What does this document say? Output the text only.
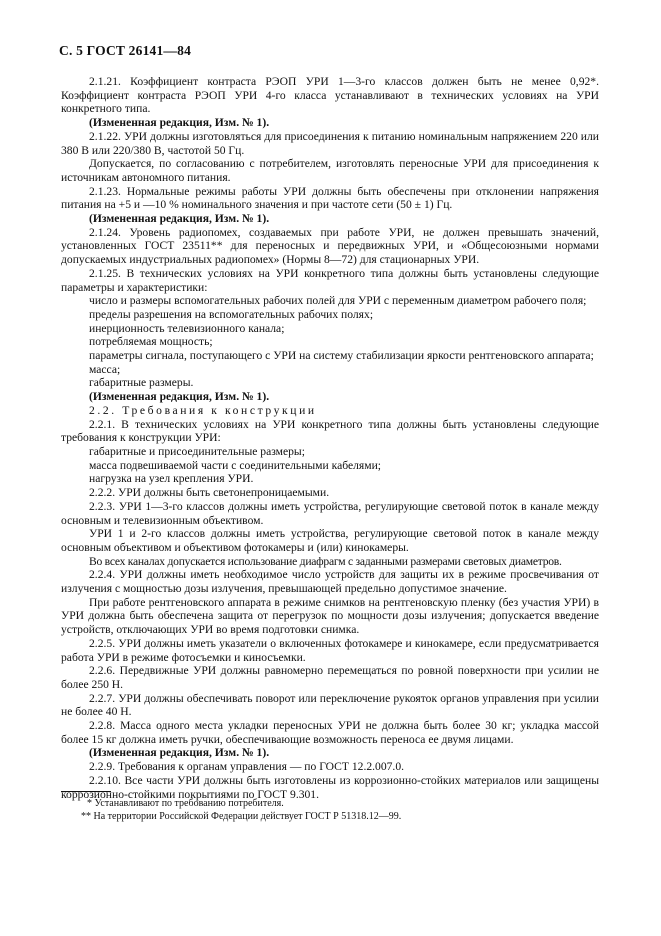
С. 5 ГОСТ 26141—84

2.1.21. Коэффициент контраста РЭОП УРИ 1—3-го классов должен быть не менее 0,92*. Коэффициент контраста РЭОП УРИ 4-го класса устанавливают в технических условиях на УРИ конкретного типа.

(Измененная редакция, Изм. № 1).

2.1.22. УРИ должны изготовляться для присоединения к питанию номинальным напряжением 220 или 380 В или 220/380 В, частотой 50 Гц.

Допускается, по согласованию с потребителем, изготовлять переносные УРИ для присоединения к источникам автономного питания.

2.1.23. Нормальные режимы работы УРИ должны быть обеспечены при отклонении напряжения питания на +5 и —10 % номинального значения и при частоте сети (50 ± 1) Гц.

(Измененная редакция, Изм. № 1).

2.1.24. Уровень радиопомех, создаваемых при работе УРИ, не должен превышать значений, установленных ГОСТ 23511** для переносных и передвижных УРИ, и «Общесоюзными нормами допускаемых индустриальных радиопомех» (Нормы 8—72) для стационарных УРИ.

2.1.25. В технических условиях на УРИ конкретного типа должны быть установлены следующие параметры и характеристики:

число и размеры вспомогательных рабочих полей для УРИ с переменным диаметром рабочего поля;

пределы разрешения на вспомогательных рабочих полях;

инерционность телевизионного канала;

потребляемая мощность;

параметры сигнала, поступающего с УРИ на систему стабилизации яркости рентгеновского аппарата;

масса;

габаритные размеры.

(Измененная редакция, Изм. № 1).

2.2. Требования к конструкции

2.2.1. В технических условиях на УРИ конкретного типа должны быть установлены следующие требования к конструкции УРИ:

габаритные и присоединительные размеры;

масса подвешиваемой части с соединительными кабелями;

нагрузка на узел крепления УРИ.

2.2.2. УРИ должны быть светонепроницаемыми.

2.2.3. УРИ 1—3-го классов должны иметь устройства, регулирующие световой поток в канале между основным и телевизионным объективом.

УРИ 1 и 2-го классов должны иметь устройства, регулирующие световой поток в канале между основным объективом и объективом фотокамеры и (или) кинокамеры.

Во всех каналах допускается использование диафрагм с заданными размерами световых диаметров.

2.2.4. УРИ должны иметь необходимое число устройств для защиты их в режиме просвечивания от излучения с мощностью дозы излучения, превышающей предельно допустимое значение.

При работе рентгеновского аппарата в режиме снимков на рентгеновскую пленку (без участия УРИ) в УРИ должна быть обеспечена защита от перегрузок по мощности дозы излучения; допускается введение устройств, отключающих УРИ во время подготовки снимка.

2.2.5. УРИ должны иметь указатели о включенных фотокамере и кинокамере, если предусматривается работа УРИ в режиме фотосъемки и киносъемки.

2.2.6. Передвижные УРИ должны равномерно перемещаться по ровной поверхности при усилии не более 250 Н.

2.2.7. УРИ должны обеспечивать поворот или переключение рукояток органов управления при усилии не более 40 Н.

2.2.8. Масса одного места укладки переносных УРИ не должна быть более 30 кг; укладка массой более 15 кг должна иметь ручки, обеспечивающие возможность переноса ее двумя лицами.

(Измененная редакция, Изм. № 1).

2.2.9. Требования к органам управления — по ГОСТ 12.2.007.0.

2.2.10. Все части УРИ должны быть изготовлены из коррозионно-стойких материалов или защищены коррозионно-стойкими покрытиями по ГОСТ 9.301.

* Устанавливают по требованию потребителя.

** На территории Российской Федерации действует ГОСТ Р 51318.12—99.
